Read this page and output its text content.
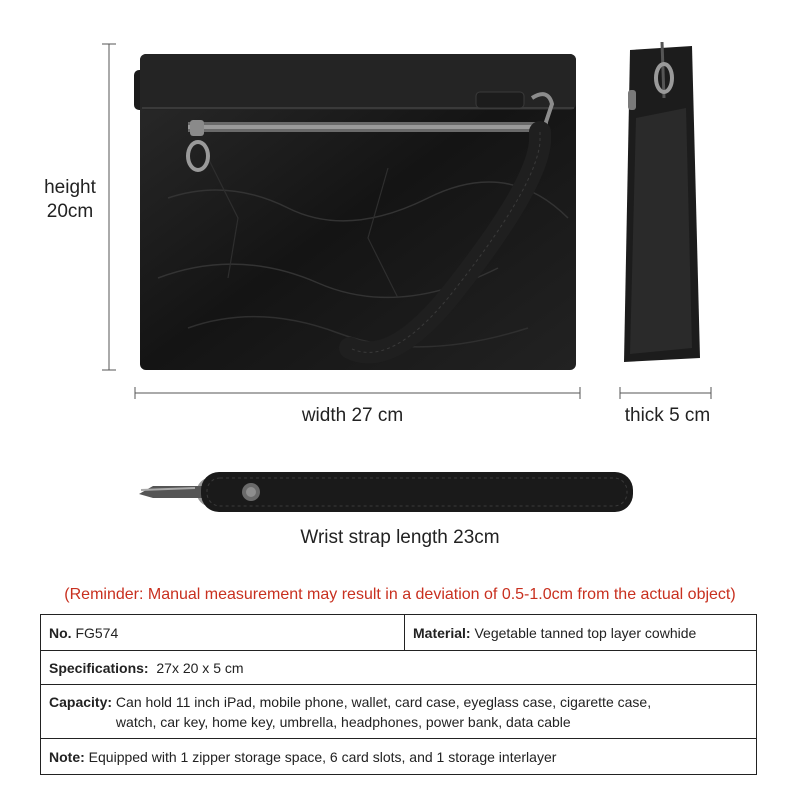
height
20cm
width 27 cm	thick 5 cm
Wrist strap length 23cm
(Reminder: Manual measurement may result in a deviation of 0.5-1.0cm from the actual object)
No. FG574	Material: Vegetable tanned top layer cowhide
Specifications: 27x 20 x 5 cm
Capacity: Can hold 11 inch iPad, mobile phone, wallet, card case, eyeglass case, cigarette case,
watch, car key, home key, umbrella, headphones, power bank, data cable
Note: Equipped with 1 zipper storage space, 6 card slots, and 1 storage interlayer
